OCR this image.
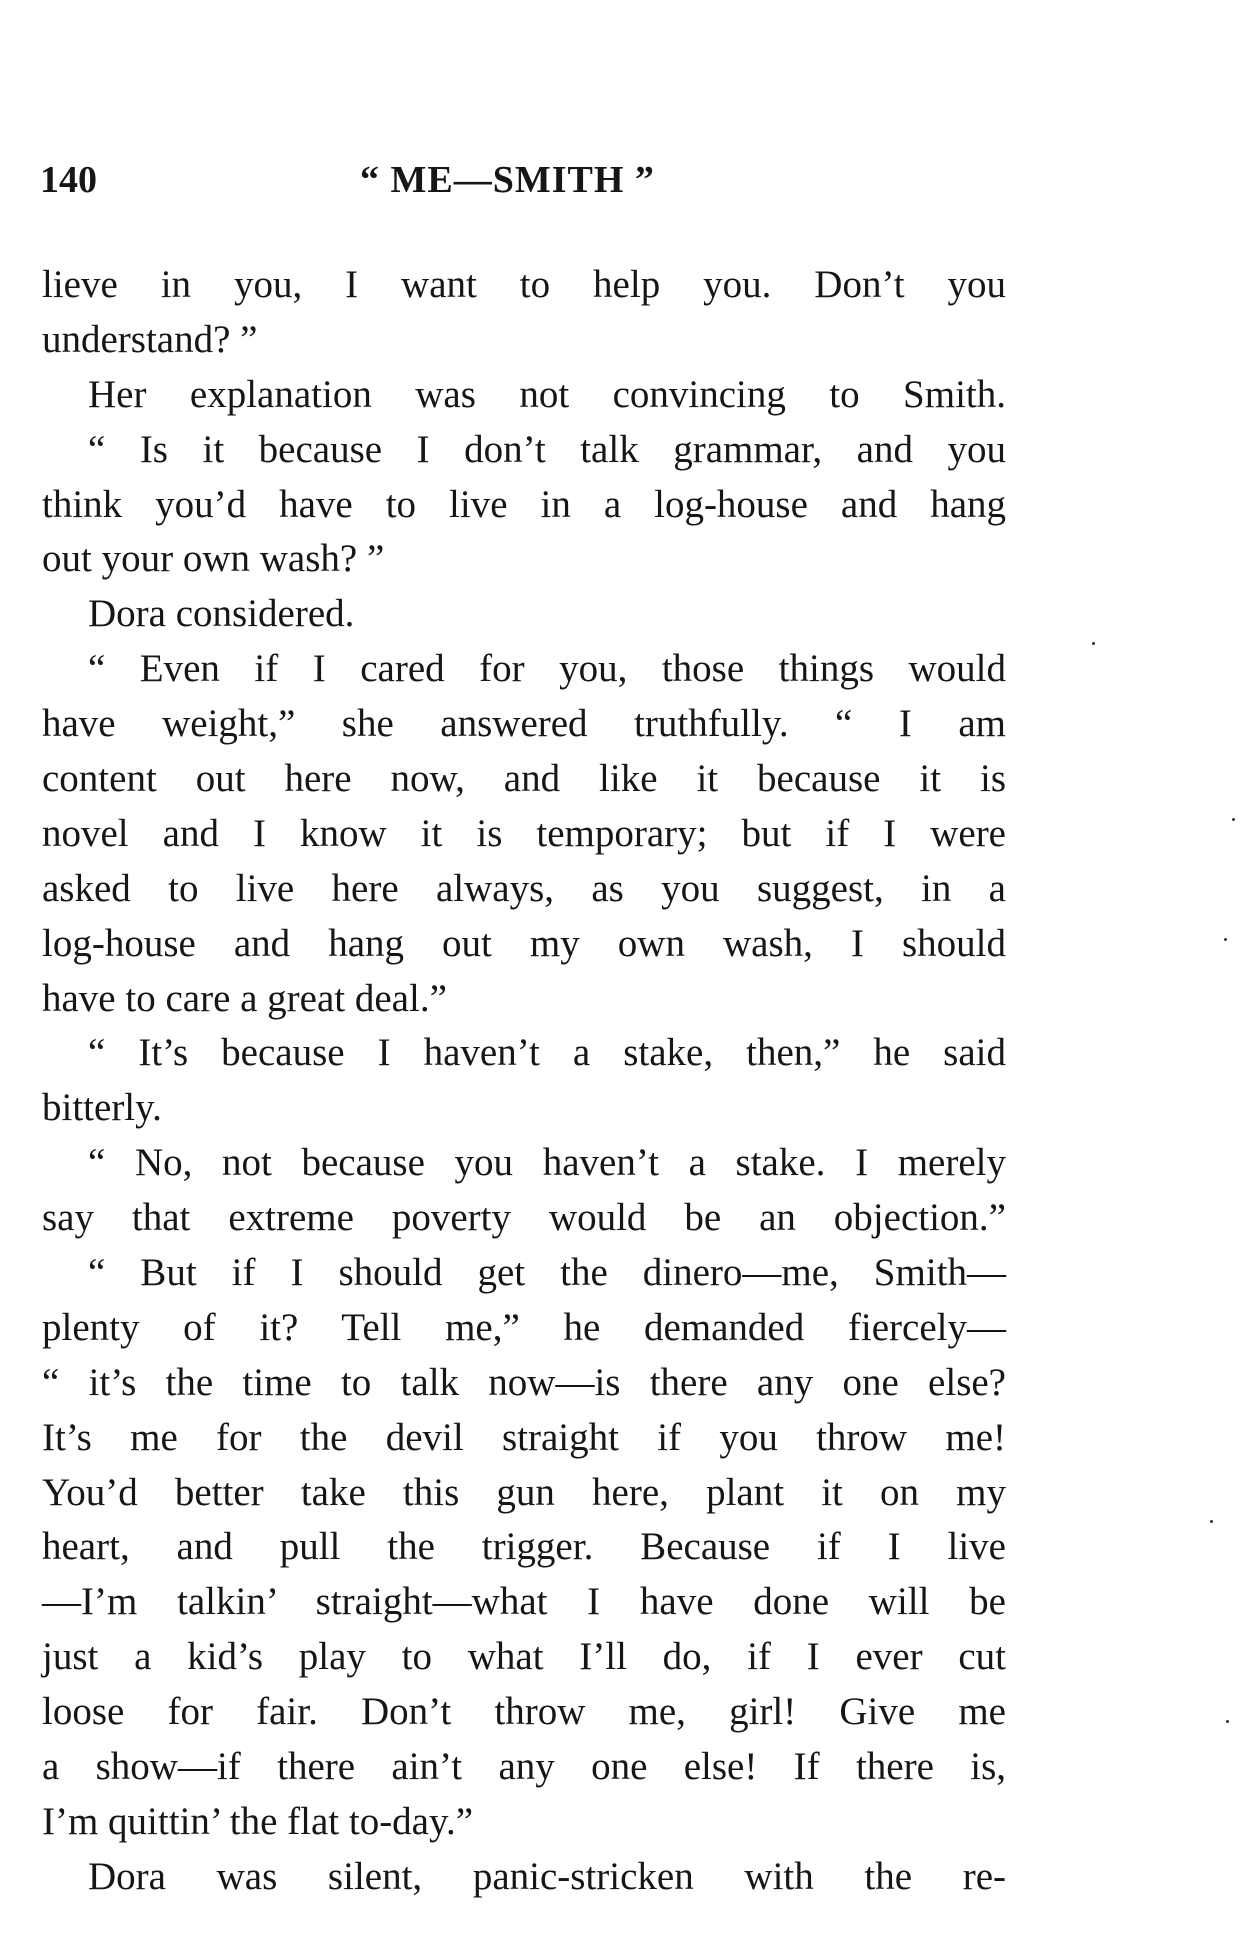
140	“ ME—SMITH ”
lieve in you, I want to help you. Don’t you
understand? ”
Her explanation was not convincing to Smith.
“ Is it because I don’t talk grammar, and you
think you’d have to live in a log-house and hang
out your own wash? ”
Dora considered.
“ Even if I cared for you, those things would
have weight,” she answered truthfully. “ I am
content out here now, and like it because it is
novel and I know it is temporary; but if I were
asked to live here always, as you suggest, in a
log-house and hang out my own wash, I should
have to care a great deal.”
“ It’s because I haven’t a stake, then,” he said
bitterly.
“ No, not because you haven’t a stake. I merely
say that extreme poverty would be an objection.”
“ But if I should get the dinero—me, Smith—
plenty of it? Tell me,” he demanded fiercely—
“ it’s the time to talk now—is there any one else?
It’s me for the devil straight if you throw me!
You’d better take this gun here, plant it on my
heart, and pull the trigger. Because if I live
—I’m talkin’ straight—what I have done will be
just a kid’s play to what I’ll do, if I ever cut
loose for fair. Don’t throw me, girl! Give me
a show—if there ain’t any one else! If there is,
I’m quittin’ the flat to-day.”
Dora was silent, panic-stricken with the re-
